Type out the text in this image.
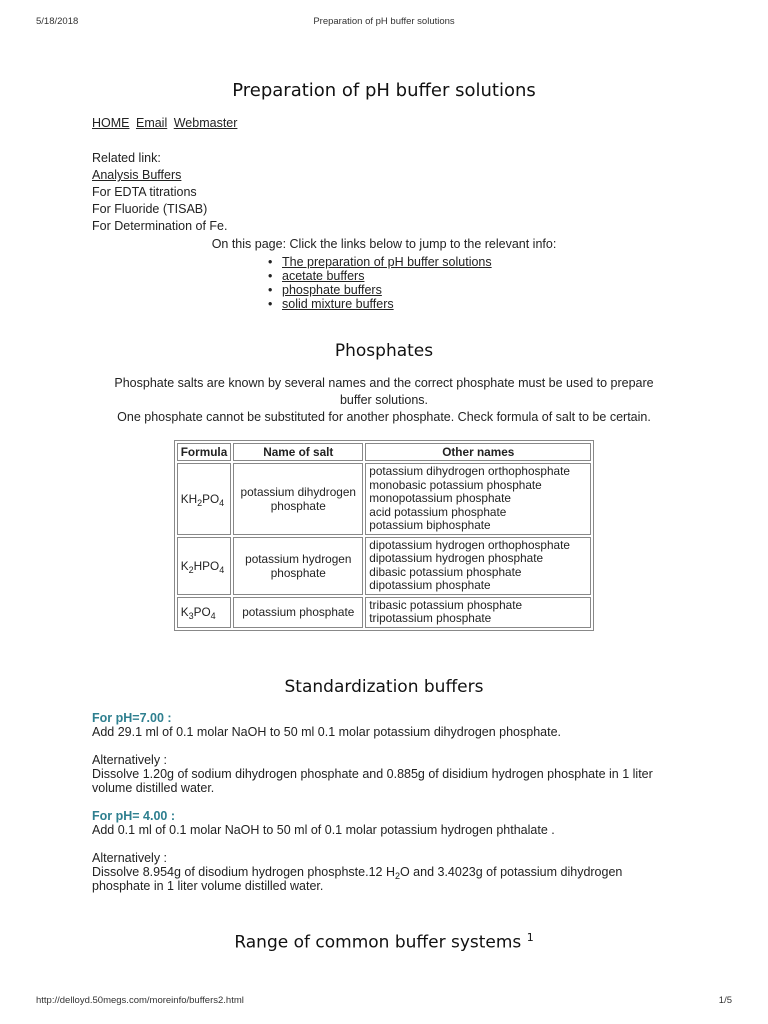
5/18/2018	Preparation of pH buffer solutions
Preparation of pH buffer solutions
HOME Email Webmaster
Related link:
Analysis Buffers
For EDTA titrations
For Fluoride (TISAB)
For Determination of Fe.
On this page: Click the links below to jump to the relevant info:
• The preparation of pH buffer solutions
• acetate buffers
• phosphate buffers
• solid mixture buffers
Phosphates
Phosphate salts are known by several names and the correct phosphate must be used to prepare buffer solutions.
One phosphate cannot be substituted for another phosphate. Check formula of salt to be certain.
Formula	Name of salt	Other names
$KH_2PO_4$	potassium dihydrogen phosphate	potassium dihydrogen orthophosphate
monobasic potassium phosphate
monopotassium phosphate
acid potassium phosphate
potassium biphosphate

$K_2HPO_4$	potassium hydrogen phosphate	dipotassium hydrogen orthophosphate
dipotassium hydrogen phosphate
dibasic potassium phosphate
dipotassium phosphate

$K_3PO_4$	potassium phosphate	tribasic potassium phosphate
tripotassium phosphate
Standardization buffers
For pH=7.00 :
Add 29.1 ml of 0.1 molar NaOH to 50 ml 0.1 molar potassium dihydrogen phosphate.
Alternatively :
Dissolve 1.20g of sodium dihydrogen phosphate and 0.885g of disidium hydrogen phosphate in 1 liter volume distilled water.
For pH= 4.00 :
Add 0.1 ml of 0.1 molar NaOH to 50 ml of 0.1 molar potassium hydrogen phthalate .
Alternatively :
Dissolve 8.954g of disodium hydrogen phosphste.12 $H_2O$ and 3.4023g of potassium dihydrogen phosphate in 1 liter volume distilled water.
Range of common buffer systems $^1$
http://delloyd.50megs.com/moreinfo/buffers2.html	1/5
